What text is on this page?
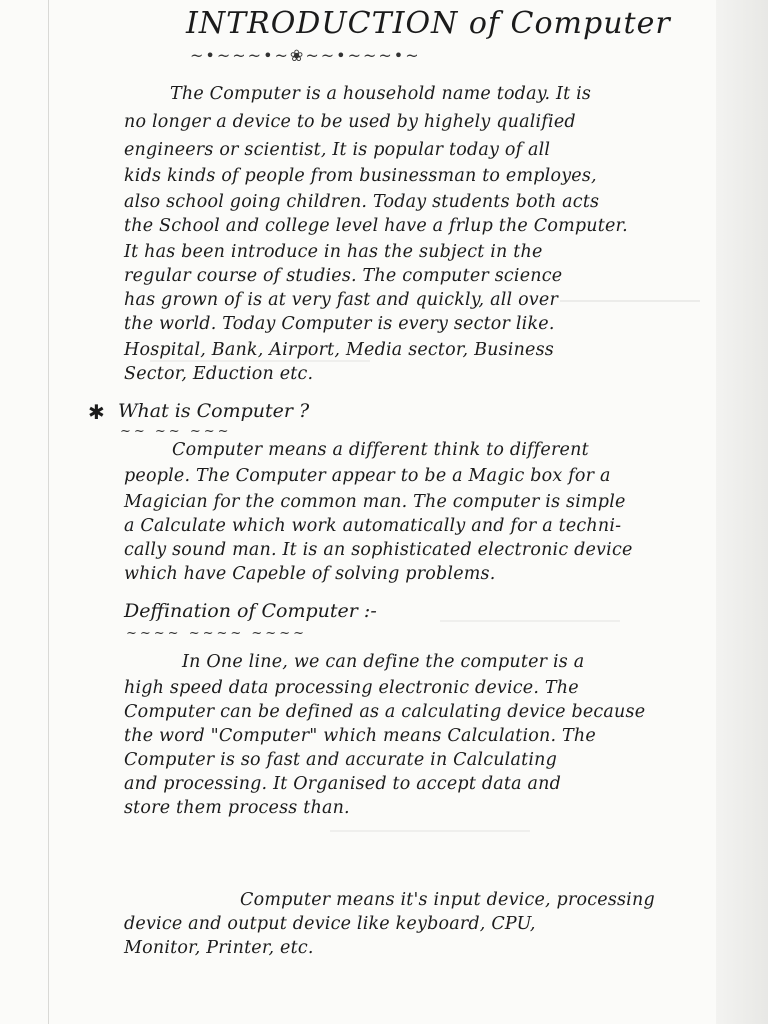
INTRODUCTION of Computer
~•~~~•~❀~~•~~~•~
The Computer is a household name today. It is
no longer a device to be used by highely qualified
engineers or scientist, It is popular today of all
kids kinds of people from businessman to employes,
also school going children. Today students both acts
the School and college level have a frlup the Computer.
It has been introduce in has the subject in the
regular course of studies. The computer science
has grown of is at very fast and quickly, all over
the world. Today Computer is every sector like.
Hospital, Bank, Airport, Media sector, Business
Sector, Eduction etc.
✱ What is Computer ?
~~ ~~ ~~~
Computer means a different think to different
people. The Computer appear to be a Magic box for a
Magician for the common man. The computer is simple
a Calculate which work automatically and for a techni-
cally sound man. It is an sophisticated electronic device
which have Capeble of solving problems.
Deffination of Computer :-
~~~~ ~~~~ ~~~~
In One line, we can define the computer is a
high speed data processing electronic device. The
Computer can be defined as a calculating device because
the word "Computer" which means Calculation. The
Computer is so fast and accurate in Calculating
and processing. It Organised to accept data and
store them process than.
Computer means it's input device, processing
device and output device like keyboard, CPU,
Monitor, Printer, etc.
